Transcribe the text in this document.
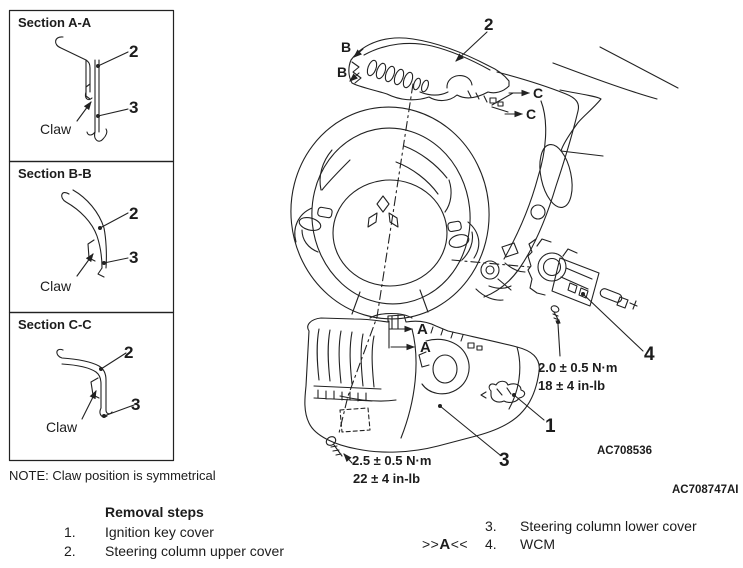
Section A-A
2
3
Claw
Section B-B
2
3
Claw
Section C-C
2
3
Claw
NOTE: Claw position is symmetrical
B
B
2
C
C
A
A	4
2.0 ± 0.5 N·m
18 ± 4 in-lb
1
AC708536
3
2.5 ± 0.5 N·m
22 ± 4 in-lb
AC708747AI
Removal steps
1. Ignition key cover
2. Steering column upper cover
3. Steering column lower cover
>>A<< 4. WCM
